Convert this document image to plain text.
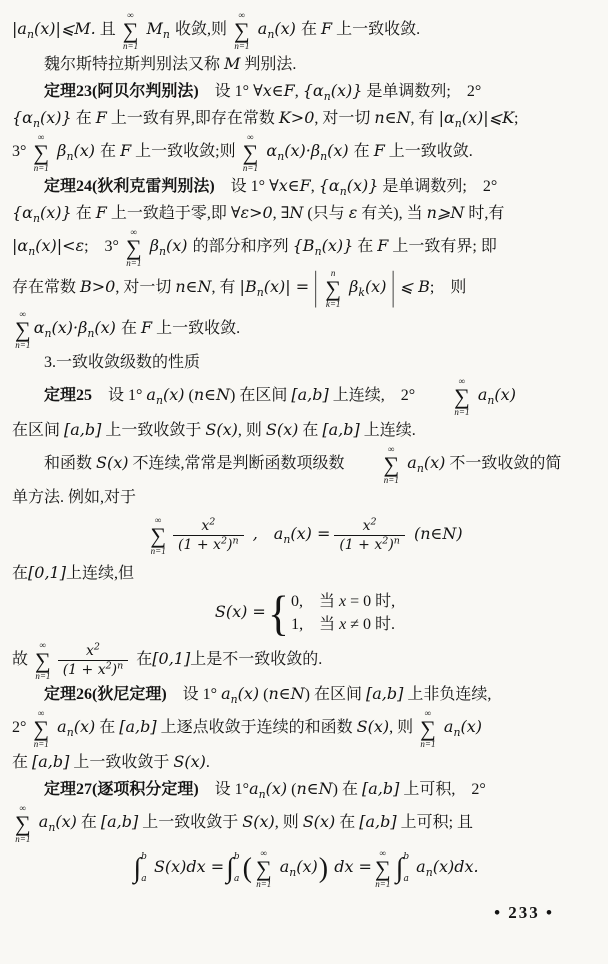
$|a_n(x)|⩽M$. 且
∞
∑
n=1
$M_n$ 收敛,则
∞
∑
n=1
$a_n(x)$ 在 F 上一致收敛.
魏尔斯特拉斯判别法又称 M 判别法.
定理23(阿贝尔判别法)　设 1° ∀x∈F, $\{\alpha_n(x)\}$ 是单调数列;　2°
$\{\alpha_n(x)\}$ 在 F 上一致有界,即存在常数 K>0, 对一切 n∈N, 有 $|\alpha_n(x)|⩽K$;
3°
∞
∑
n=1
$\beta_n(x)$ 在 F 上一致收敛;则
∞
∑
n=1
$\alpha_n(x)\cdot\beta_n(x)$ 在 F 上一致收敛.
定理24(狄利克雷判别法)　设 1° ∀x∈F, $\{\alpha_n(x)\}$ 是单调数列;　2°
$\{\alpha_n(x)\}$ 在 F 上一致趋于零,即 ∀ε>0, ∃N (只与 ε 有关), 当 n⩾N 时,有
$|\alpha_n(x)|<\varepsilon$;　3°
∞
∑
n=1
$\beta_n(x)$ 的部分和序列 $\{B_n(x)\}$ 在 F 上一致有界; 即
存在常数 B>0, 对一切 n∈N, 有 $|B_n(x)|$ = | n
∑
k=1
$\beta_k(x)$ | ⩽ B;　则
∞
∑
n=1
$\alpha_n(x)\cdot\beta_n(x)$ 在 F 上一致收敛.
3.一致收敛级数的性质
定理25　设 1° $a_n(x)$ (n∈N) 在区间 [a,b] 上连续,　2°
∞
∑
n=1
$a_n(x)$
在区间 [a,b] 上一致收敛于 S(x), 则 S(x) 在 [a,b] 上连续.
和函数 S(x) 不连续,常常是判断函数项级数
∞
∑
n=1
$a_n(x)$ 不一致收敛的简
单方法. 例如,对于
∞
∑
$n=1 \frac{x^2}{(1 + x^2)^n}$ ,　$a_n(x) = \frac{x^2}{(1 + x^2)^n}$ (n∈N)
在[0,1]上连续,但
S(x) = { 0,　当 x = 0 时,
1,　当 x ≠ 0 时.
故
∞
∑
$n=1 \frac{x^2}{(1 + x^2)^n}$ 在[0,1]上是不一致收敛的.
定理26(狄尼定理)　设 1° $a_n(x)$ (n∈N) 在区间 [a,b] 上非负连续,
2°
∞
∑
n=1
$a_n(x)$ 在 [a,b] 上逐点收敛于连续的和函数 S(x), 则
∞
∑
n=1
$a_n(x)$
在 [a,b] 上一致收敛于 S(x).
定理27(逐项积分定理)　设 $1^\circ a_n(x)$ (n∈N) 在 [a,b] 上可积,　2°
∞
∑
n=1
$a_n(x)$ 在 [a,b] 上一致收敛于 S(x), 则 S(x) 在 [a,b] 上可积; 且
∫ b
a
S(x)dx = ∫ b
a ( ∞
∑
n=1
$a_n(x)$) dx =
∞
∑
n=1
∫ b
a
$a_n(x)dx$.
• 233 •
